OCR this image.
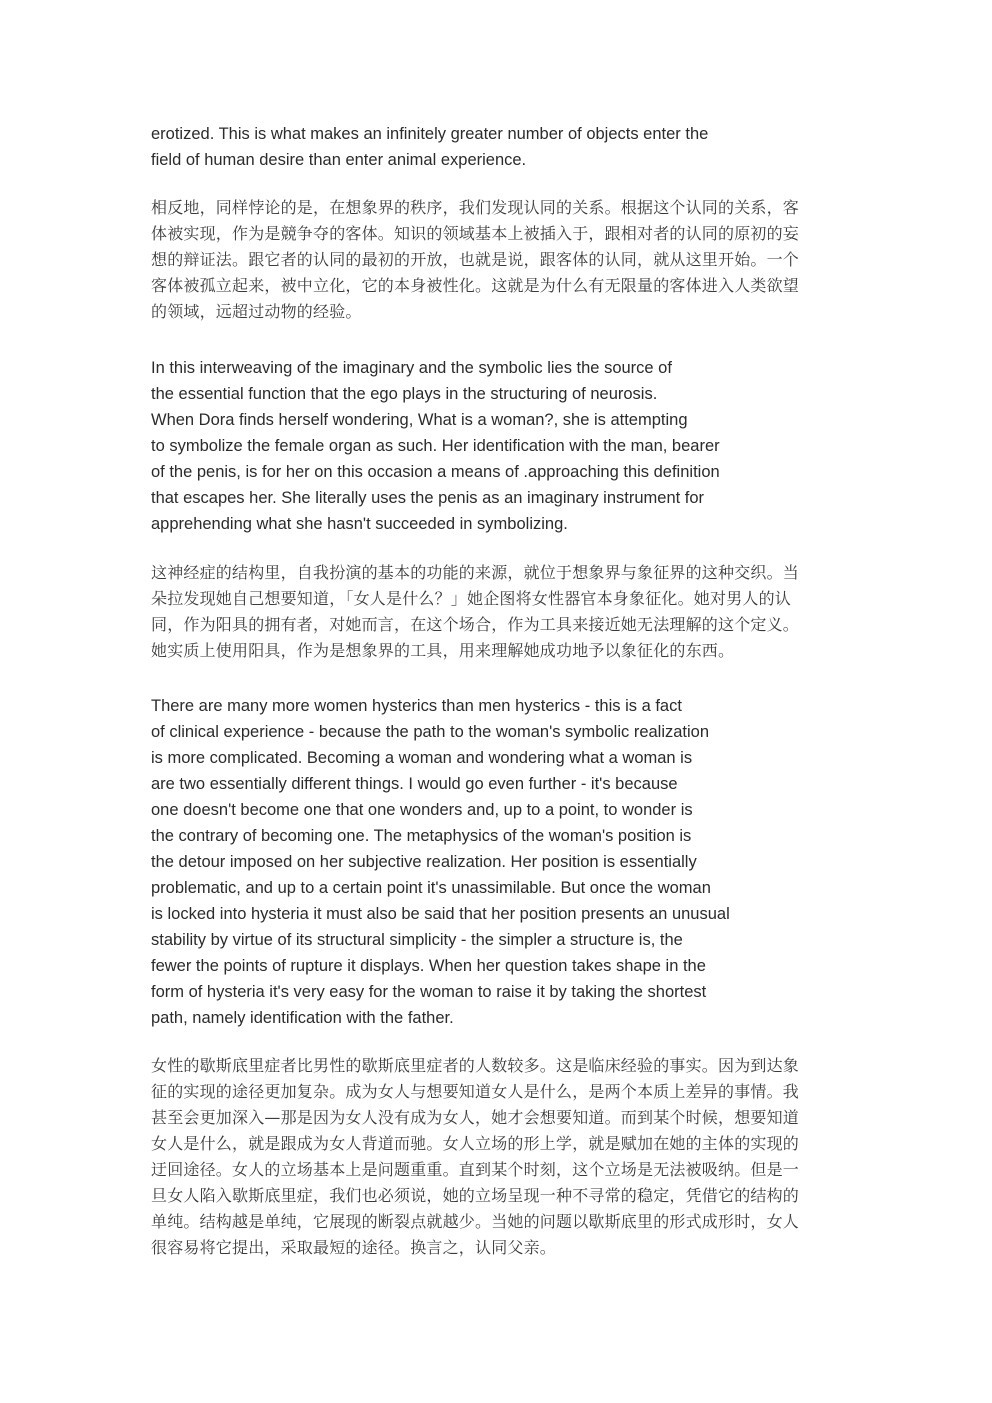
erotized. This is what makes an infinitely greater number of objects enter the
field of human desire than enter animal experience.
相反地，同样悖论的是，在想象界的秩序，我们发现认同的关系。根据这个认同的关系，客
体被实现，作为是競争夺的客体。知识的领域基本上被插入于，跟相对者的认同的原初的妄
想的辩证法。跟它者的认同的最初的开放，也就是说，跟客体的认同，就从这里开始。一个
客体被孤立起来，被中立化，它的本身被性化。这就是为什么有无限量的客体进入人类欲望
的领域，远超过动物的经验。
In this interweaving of the imaginary and the symbolic lies the source of
the essential function that the ego plays in the structuring of neurosis.
When Dora finds herself wondering, What is a woman?, she is attempting
to symbolize the female organ as such. Her identification with the man, bearer
of the penis, is for her on this occasion a means of .approaching this definition
that escapes her. She literally uses the penis as an imaginary instrument for
apprehending what she hasn't succeeded in symbolizing.
这神经症的结构里，自我扮演的基本的功能的来源，就位于想象界与象征界的这种交织。当
朵拉发现她自己想要知道，「女人是什么？」她企图将女性器官本身象征化。她对男人的认
同，作为阳具的拥有者，对她而言，在这个场合，作为工具来接近她无法理解的这个定义。
她实质上使用阳具，作为是想象界的工具，用来理解她成功地予以象征化的东西。
There are many more women hysterics than men hysterics - this is a fact
of clinical experience - because the path to the woman's symbolic realization
is more complicated. Becoming a woman and wondering what a woman is
are two essentially different things. I would go even further - it's because
one doesn't become one that one wonders and, up to a point, to wonder is
the contrary of becoming one. The metaphysics of the woman's position is
the detour imposed on her subjective realization. Her position is essentially
problematic, and up to a certain point it's unassimilable. But once the woman
is locked into hysteria it must also be said that her position presents an unusual
stability by virtue of its structural simplicity - the simpler a structure is, the
fewer the points of rupture it displays. When her question takes shape in the
form of hysteria it's very easy for the woman to raise it by taking the shortest
path, namely identification with the father.
女性的歇斯底里症者比男性的歇斯底里症者的人数较多。这是临床经验的事实。因为到达象
征的实现的途径更加复杂。成为女人与想要知道女人是什么，是两个本质上差异的事情。我
甚至会更加深入—那是因为女人没有成为女人，她才会想要知道。而到某个时候，想要知道
女人是什么，就是跟成为女人背道而驰。女人立场的形上学，就是赋加在她的主体的实现的
迂回途径。女人的立场基本上是问题重重。直到某个时刻，这个立场是无法被吸纳。但是一
旦女人陷入歇斯底里症，我们也必须说，她的立场呈现一种不寻常的稳定，凭借它的结构的
单纯。结构越是单纯，它展现的断裂点就越少。当她的问题以歇斯底里的形式成形时，女人
很容易将它提出，采取最短的途径。换言之，认同父亲。
